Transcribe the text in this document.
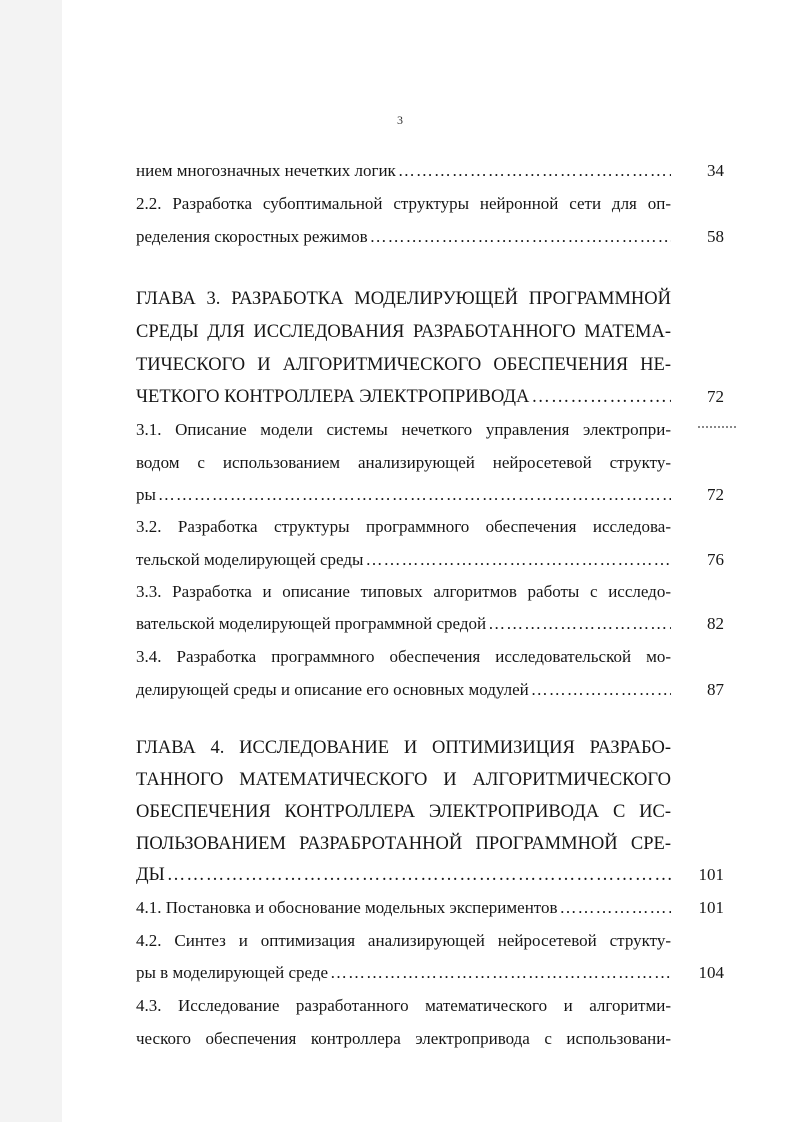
3
нием многозначных нечетких логик ………………………………………………………………………………………………………………	34
2.2. Разработка субоптимальной структуры нейронной сети для оп-
ределения скоростных режимов ………………………………………………………………………………………………………………	58
ГЛАВА 3. РАЗРАБОТКА МОДЕЛИРУЮЩЕЙ ПРОГРАММНОЙ
СРЕДЫ ДЛЯ ИССЛЕДОВАНИЯ РАЗРАБОТАННОГО МАТЕМА-
ТИЧЕСКОГО И АЛГОРИТМИЧЕСКОГО ОБЕСПЕЧЕНИЯ НЕ-
ЧЕТКОГО КОНТРОЛЛЕРА ЭЛЕКТРОПРИВОДА ………………………………………………………………………………………………………………	72
3.1. Описание модели системы нечеткого управления электропри-
водом с использованием анализирующей нейросетевой структу-
ры ………………………………………………………………………………………………………………	72
3.2. Разработка структуры программного обеспечения исследова-
тельской моделирующей среды ………………………………………………………………………………………………………………	76
3.3. Разработка и описание типовых алгоритмов работы с исследо-
вательской моделирующей программной средой ………………………………………………………………………………………………………………	82
3.4. Разработка программного обеспечения исследовательской мо-
делирующей среды и описание его основных модулей ………………………………………………………………………………………………………………	87
ГЛАВА 4. ИССЛЕДОВАНИЕ И ОПТИМИЗИЦИЯ РАЗРАБО-
ТАННОГО МАТЕМАТИЧЕСКОГО И АЛГОРИТМИЧЕСКОГО
ОБЕСПЕЧЕНИЯ КОНТРОЛЛЕРА ЭЛЕКТРОПРИВОДА С ИС-
ПОЛЬЗОВАНИЕМ РАЗРАБРОТАННОЙ ПРОГРАММНОЙ СРЕ-
ДЫ ………………………………………………………………………………………………………………	101
4.1. Постановка и обоснование модельных экспериментов ………………………………………………………………………………………………………………	101
4.2. Синтез и оптимизация анализирующей нейросетевой структу-
ры в моделирующей среде ………………………………………………………………………………………………………………	104
4.3. Исследование разработанного математического и алгоритми-
ческого обеспечения контроллера электропривода с использовани-
